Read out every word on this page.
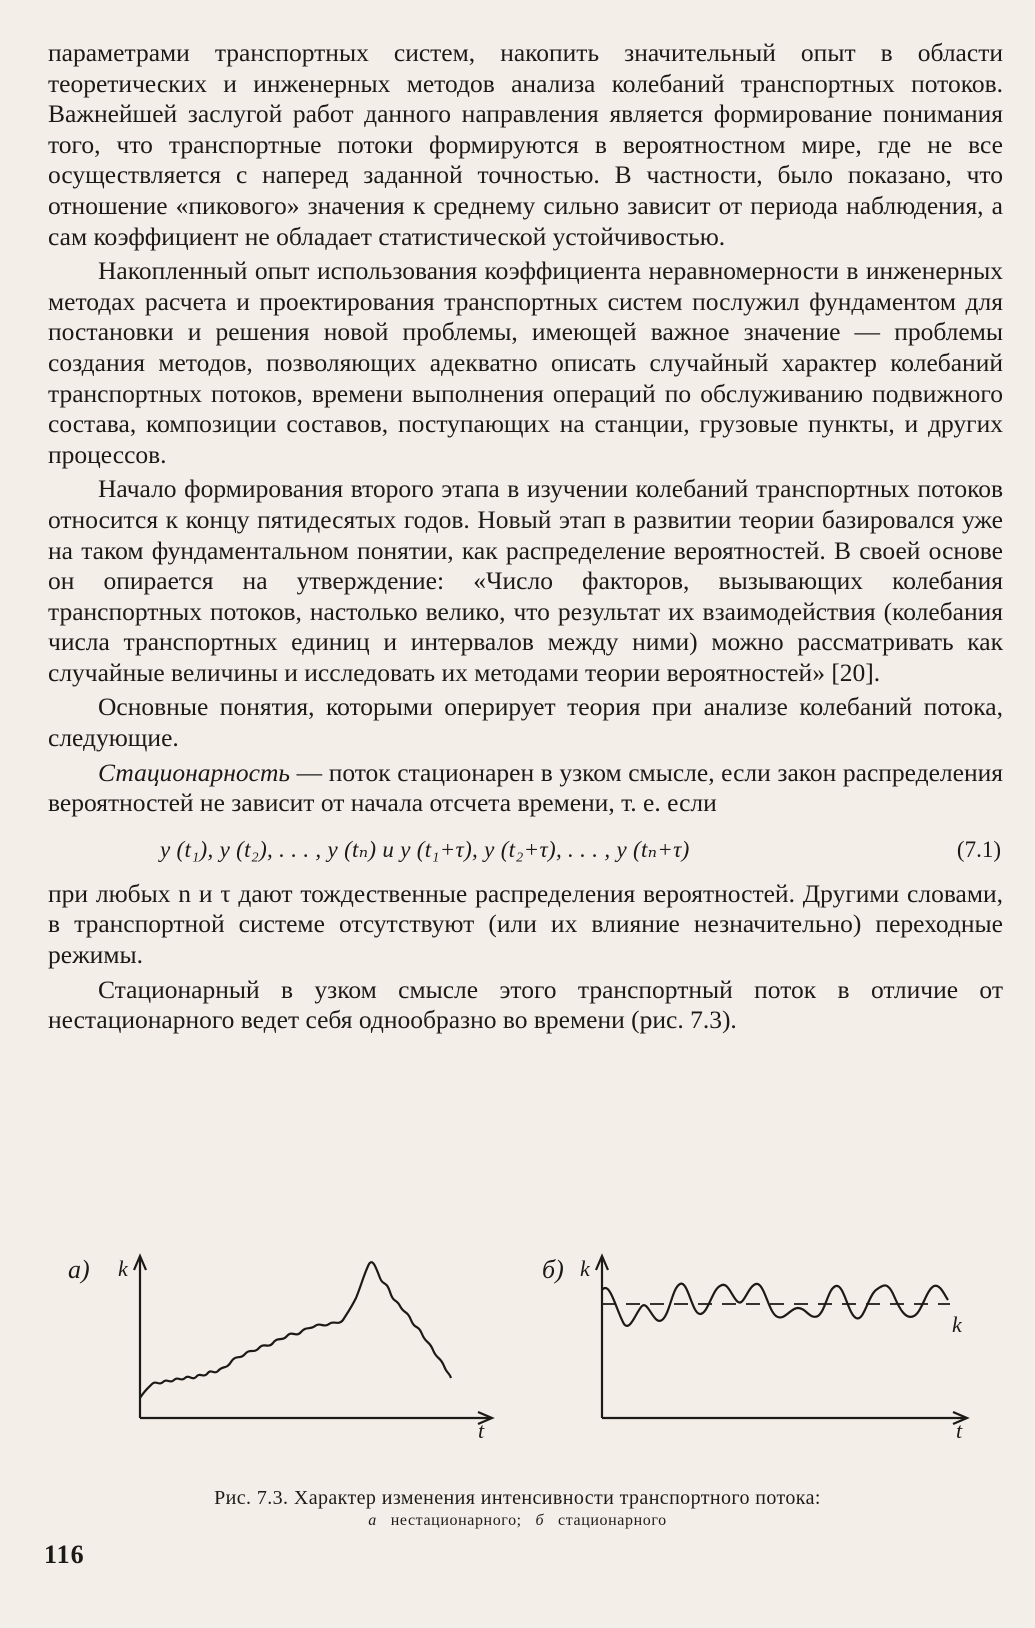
параметрами транспортных систем, накопить значительный опыт в области теоретических и инженерных методов анализа колебаний транспортных потоков. Важнейшей заслугой работ данного направления является формирование понимания того, что транспортные потоки формируются в вероятностном мире, где не все осуществляется с наперед заданной точностью. В частности, было показано, что отношение «пикового» значения к среднему сильно зависит от периода наблюдения, а сам коэффициент не обладает статистической устойчивостью.

Накопленный опыт использования коэффициента неравномерности в инженерных методах расчета и проектирования транспортных систем послужил фундаментом для постановки и решения новой проблемы, имеющей важное значение — проблемы создания методов, позволяющих адекватно описать случайный характер колебаний транспортных потоков, времени выполнения операций по обслуживанию подвижного состава, композиции составов, поступающих на станции, грузовые пункты, и других процессов.

Начало формирования второго этапа в изучении колебаний транспортных потоков относится к концу пятидесятых годов. Новый этап в развитии теории базировался уже на таком фундаментальном понятии, как распределение вероятностей. В своей основе он опирается на утверждение: «Число факторов, вызывающих колебания транспортных потоков, настолько велико, что результат их взаимодействия (колебания числа транспортных единиц и интервалов между ними) можно рассматривать как случайные величины и исследовать их методами теории вероятностей» [20].

Основные понятия, которыми оперирует теория при анализе колебаний потока, следующие.

Стационарность — поток стационарен в узком смысле, если закон распределения вероятностей не зависит от начала отсчета времени, т. е. если

y (t₁), y (t₂), . . . , y (tₙ) и y (t₁+τ), y (t₂+τ), . . . , y (tₙ+τ)	(7.1)

при любых n и τ дают тождественные распределения вероятностей. Другими словами, в транспортной системе отсутствуют (или их влияние незначительно) переходные режимы.

Стационарный в узком смысле этого транспортный поток в отличие от нестационарного ведет себя однообразно во времени (рис. 7.3).

а) k
t
б) k
t
k
Рис. 7.3. Характер изменения интенсивности транспортного потока:
а нестационарного; б стационарного
116
